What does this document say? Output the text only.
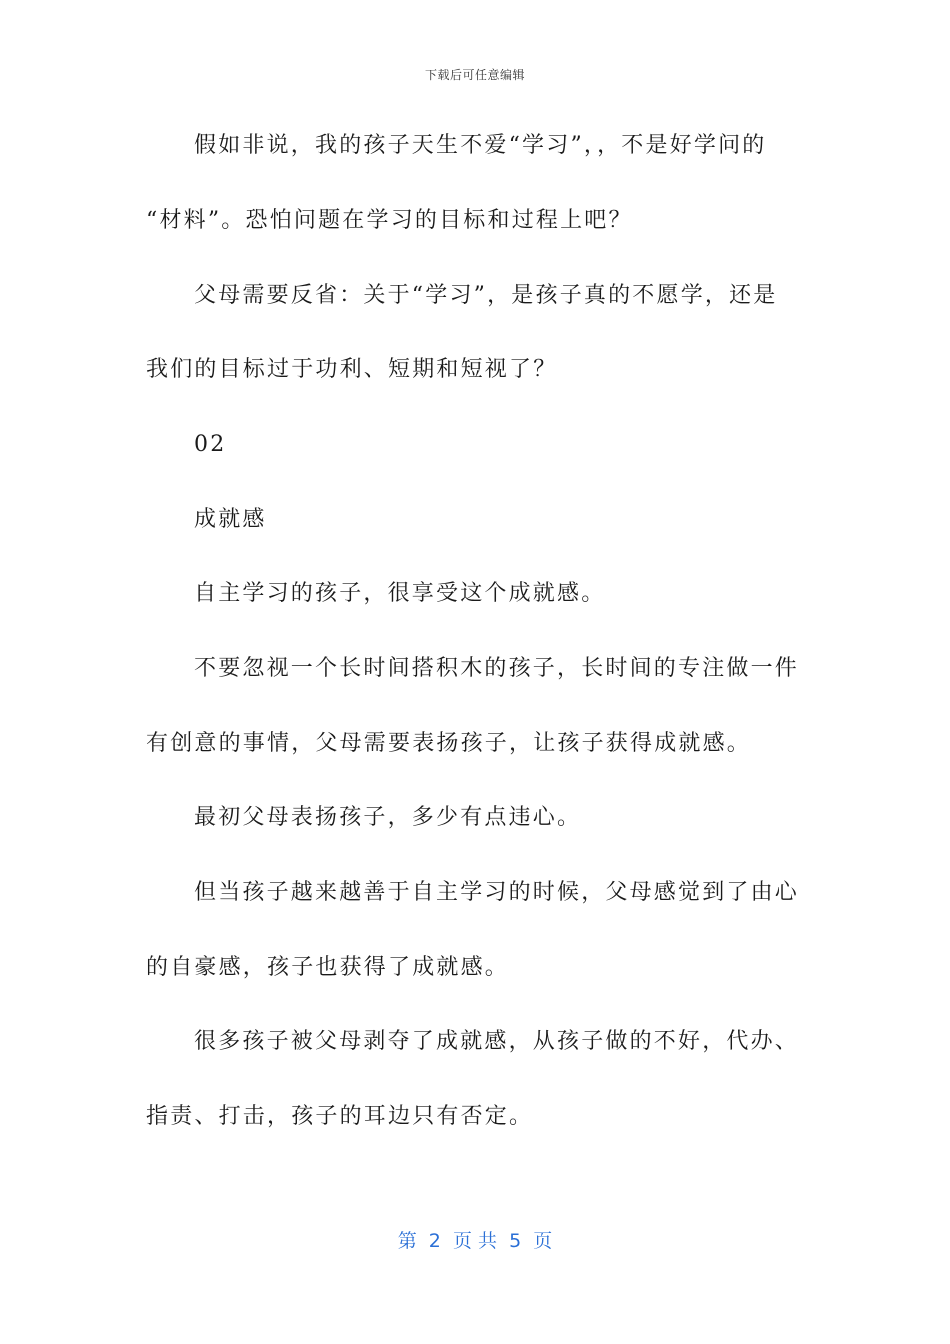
下载后可任意编辑
假如非说，我的孩子天生不爱“学习”，，不是好学问的
“材料”。恐怕问题在学习的目标和过程上吧？
父母需要反省：关于“学习”，是孩子真的不愿学，还是
我们的目标过于功利、短期和短视了？
02
成就感
自主学习的孩子，很享受这个成就感。
不要忽视一个长时间搭积木的孩子，长时间的专注做一件
有创意的事情，父母需要表扬孩子，让孩子获得成就感。
最初父母表扬孩子，多少有点违心。
但当孩子越来越善于自主学习的时候，父母感觉到了由心
的自豪感，孩子也获得了成就感。
很多孩子被父母剥夺了成就感，从孩子做的不好，代办、
指责、打击，孩子的耳边只有否定。
第  2  页 共  5  页
